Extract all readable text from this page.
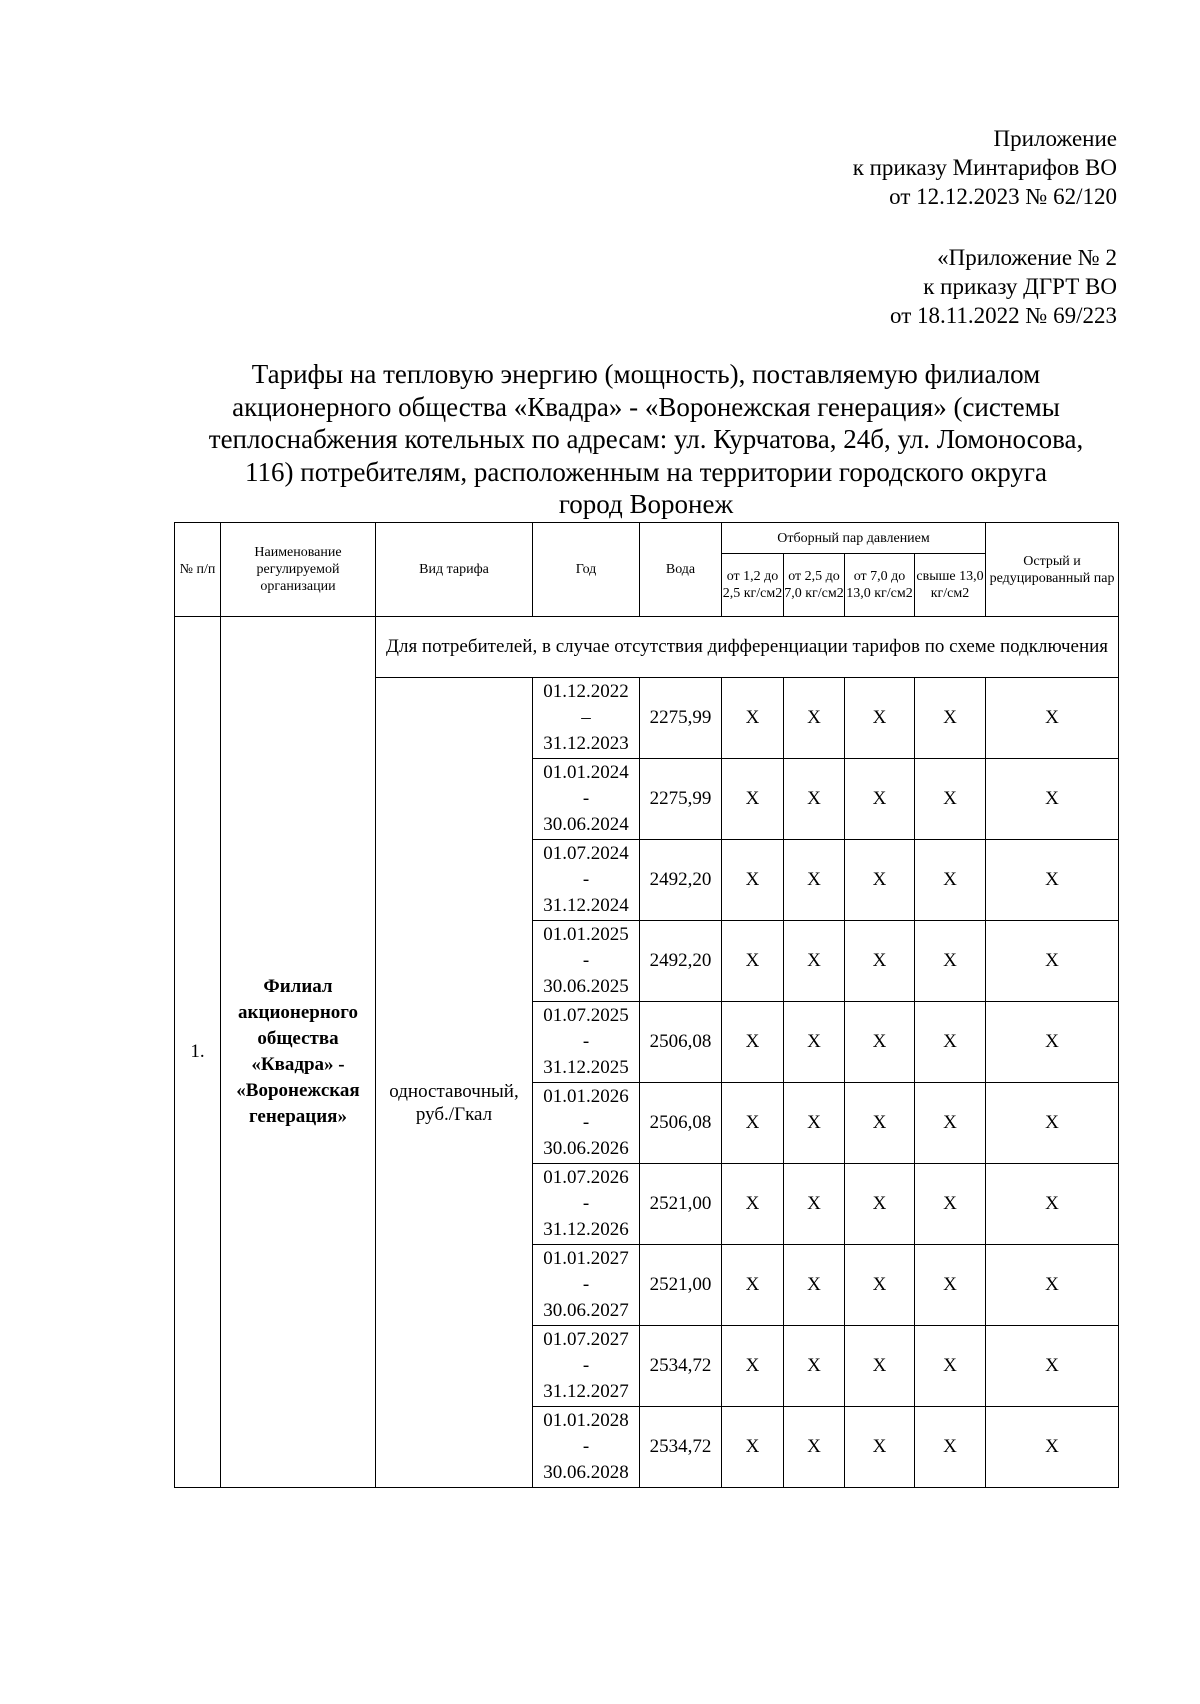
Приложение
к приказу Минтарифов ВО
от 12.12.2023 № 62/120
«Приложение № 2
к приказу ДГРТ ВО
от 18.11.2022 № 69/223
Тарифы на тепловую энергию (мощность), поставляемую филиалом
акционерного общества «Квадра» - «Воронежская генерация» (системы
теплоснабжения котельных по адресам: ул. Курчатова, 24б, ул. Ломоносова,
116) потребителям, расположенным на территории городского округа
город Воронеж
№ п/п	Наименование регулируемой организации	Вид тарифа	Год	Вода	Отборный пар давлением				Острый и редуцированный пар
					от 1,2 до 2,5 кг/см2	от 2,5 до 7,0 кг/см2	от 7,0 до 13,0 кг/см2	свыше 13,0 кг/см2	
1.	Филиал акционерного общества «Квадра» - «Воронежская генерация»	Для потребителей, в случае отсутствия дифференциации тарифов по схеме подключения							
		одноставочный, руб./Гкал	01.12.2022
–
31.12.2023	2275,99	X	X	X	X	X

			01.01.2024
-
30.06.2024	2275,99	X	X	X	X	X

			01.07.2024
-
31.12.2024	2492,20	X	X	X	X	X

			01.01.2025
-
30.06.2025	2492,20	X	X	X	X	X

			01.07.2025
-
31.12.2025	2506,08	X	X	X	X	X

			01.01.2026
-
30.06.2026	2506,08	X	X	X	X	X

			01.07.2026
-
31.12.2026	2521,00	X	X	X	X	X

			01.01.2027
-
30.06.2027	2521,00	X	X	X	X	X

			01.07.2027
-
31.12.2027	2534,72	X	X	X	X	X

			01.01.2028
-
30.06.2028	2534,72	X	X	X	X	X
